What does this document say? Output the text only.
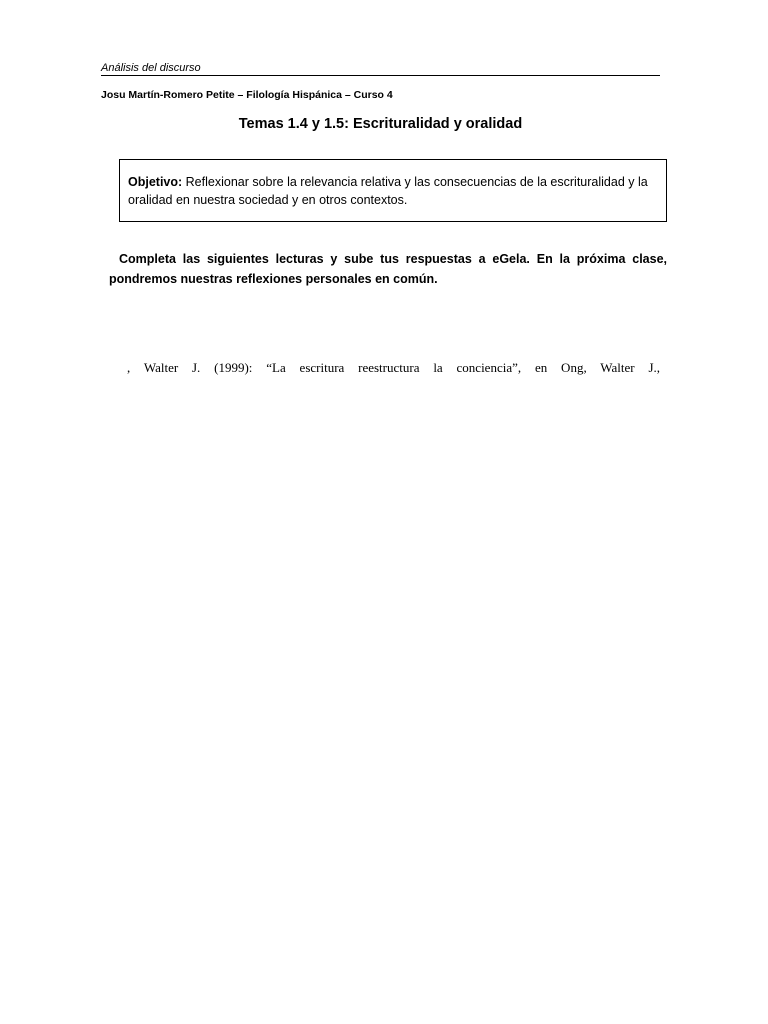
Análisis del discurso
Josu Martín-Romero Petite – Filología Hispánica – Curso 4
Temas 1.4 y 1.5: Escrituralidad y oralidad
Objetivo: Reflexionar sobre la relevancia relativa y las consecuencias de la escrituralidad y la oralidad en nuestra sociedad y en otros contextos.
Completa las siguientes lecturas y sube tus respuestas a eGela. En la próxima clase, pondremos nuestras reflexiones personales en común.
, Walter J. (1999): “La escritura reestructura la conciencia”, en Ong, Walter J.,
